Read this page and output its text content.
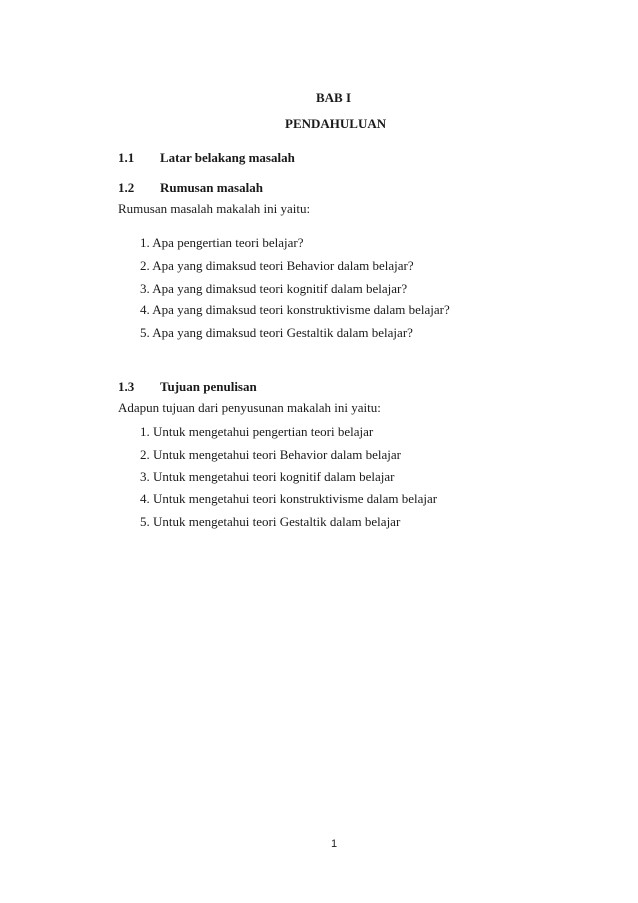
BAB I
PENDAHULUAN
1.1 Latar belakang masalah
1.2 Rumusan masalah
Rumusan masalah makalah ini yaitu:
1. Apa pengertian teori belajar?
2. Apa yang dimaksud teori Behavior dalam belajar?
3. Apa yang dimaksud teori kognitif dalam belajar?
4. Apa yang dimaksud teori konstruktivisme dalam belajar?
5. Apa yang dimaksud teori Gestaltik dalam belajar?
1.3 Tujuan penulisan
Adapun tujuan dari penyusunan makalah ini yaitu:
1. Untuk mengetahui pengertian teori belajar
2. Untuk mengetahui teori Behavior dalam belajar
3. Untuk mengetahui teori kognitif dalam belajar
4. Untuk mengetahui teori konstruktivisme dalam belajar
5. Untuk mengetahui teori Gestaltik dalam belajar
1
